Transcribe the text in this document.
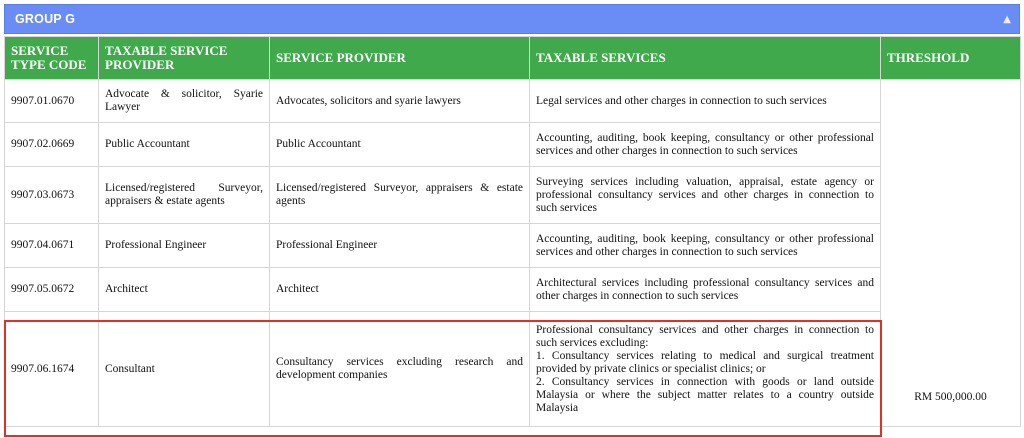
GROUP G	▲
SERVICE TYPE CODE	TAXABLE SERVICE PROVIDER	SERVICE PROVIDER	TAXABLE SERVICES	THRESHOLD
9907.01.0670	Advocate & solicitor, Syarie Lawyer	Advocates, solicitors and syarie lawyers	Legal services and other charges in connection to such services	RM 500,000.00
9907.02.0669	Public Accountant	Public Accountant	Accounting, auditing, book keeping, consultancy or other professional services and other charges in connection to such services	
9907.03.0673	Licensed/registered Surveyor, appraisers & estate agents	Licensed/registered Surveyor, appraisers & estate agents	Surveying services including valuation, appraisal, estate agency or professional consultancy services and other charges in connection to such services	
9907.04.0671	Professional Engineer	Professional Engineer	Accounting, auditing, book keeping, consultancy or other professional services and other charges in connection to such services	
9907.05.0672	Architect	Architect	Architectural services including professional consultancy services and other charges in connection to such services	
9907.06.1674	Consultant	Consultancy services excluding research and development companies	Professional consultancy services and other charges in connection to such services excluding:
1. Consultancy services relating to medical and surgical treatment provided by private clinics or specialist clinics; or
2. Consultancy services in connection with goods or land outside Malaysia or where the subject matter relates to a country outside Malaysia	
